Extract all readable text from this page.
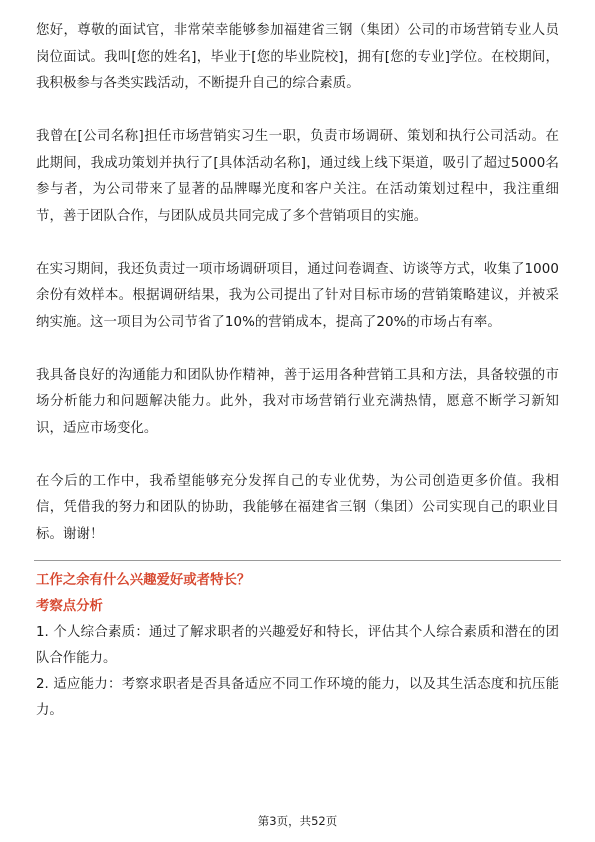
您好，尊敬的面试官，非常荣幸能够参加福建省三钢（集团）公司的市场营销专业人员岗位面试。我叫[您的姓名]，毕业于[您的毕业院校]，拥有[您的专业]学位。在校期间，我积极参与各类实践活动，不断提升自己的综合素质。

我曾在[公司名称]担任市场营销实习生一职，负责市场调研、策划和执行公司活动。在此期间，我成功策划并执行了[具体活动名称]，通过线上线下渠道，吸引了超过5000名参与者，为公司带来了显著的品牌曝光度和客户关注。在活动策划过程中，我注重细节，善于团队合作，与团队成员共同完成了多个营销项目的实施。

在实习期间，我还负责过一项市场调研项目，通过问卷调查、访谈等方式，收集了1000余份有效样本。根据调研结果，我为公司提出了针对目标市场的营销策略建议，并被采纳实施。这一项目为公司节省了10%的营销成本，提高了20%的市场占有率。

我具备良好的沟通能力和团队协作精神，善于运用各种营销工具和方法，具备较强的市场分析能力和问题解决能力。此外，我对市场营销行业充满热情，愿意不断学习新知识，适应市场变化。

在今后的工作中，我希望能够充分发挥自己的专业优势，为公司创造更多价值。我相信，凭借我的努力和团队的协助，我能够在福建省三钢（集团）公司实现自己的职业目标。谢谢！

工作之余有什么兴趣爱好或者特长？

考察点分析

1. 个人综合素质：通过了解求职者的兴趣爱好和特长，评估其个人综合素质和潜在的团队合作能力。

2. 适应能力：考察求职者是否具备适应不同工作环境的能力，以及其生活态度和抗压能力。

第3页，共52页
